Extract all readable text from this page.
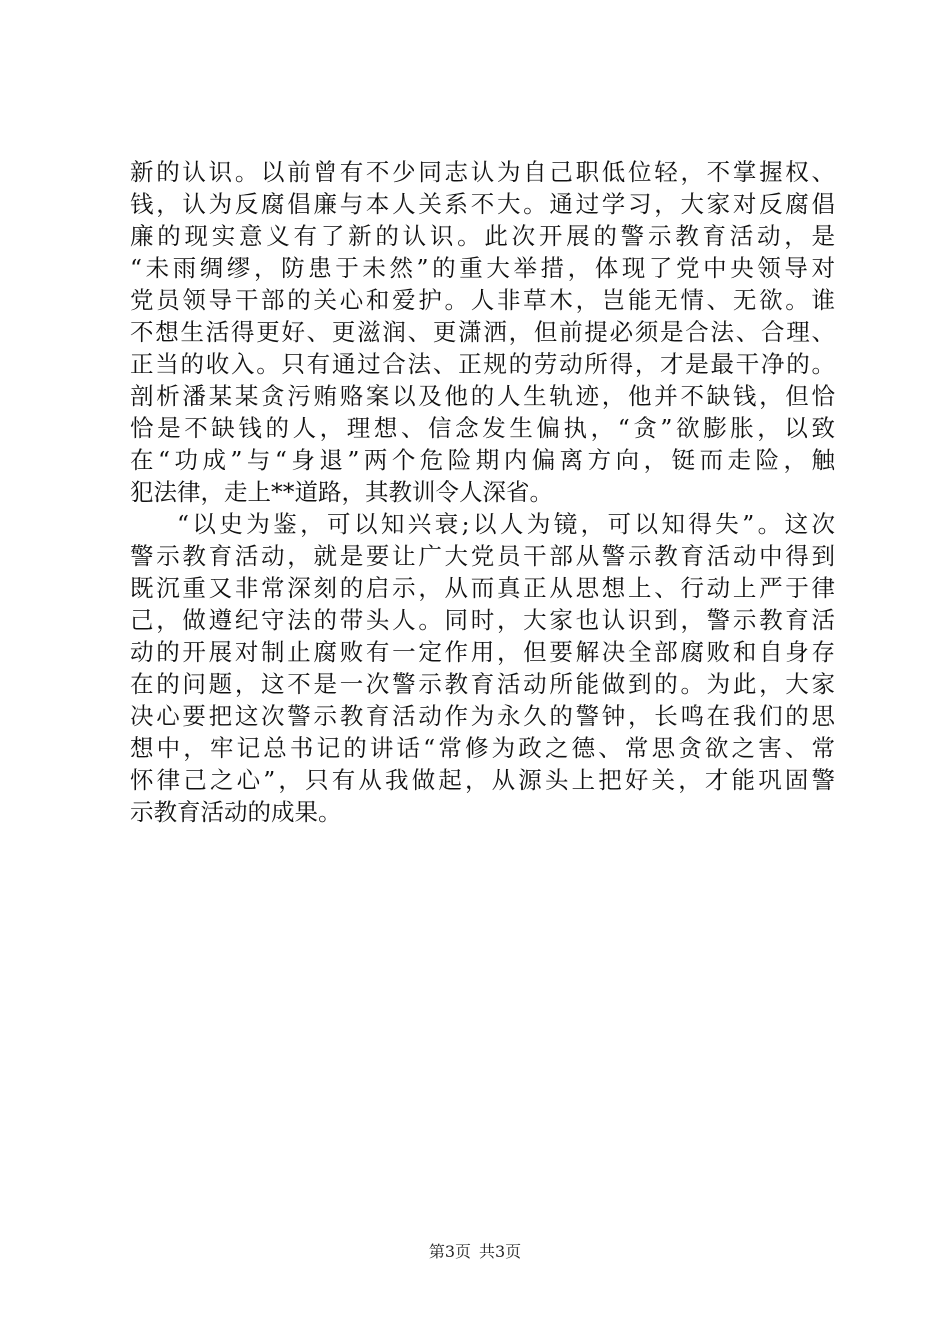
新的认识。以前曾有不少同志认为自己职低位轻，不掌握权、
钱，认为反腐倡廉与本人关系不大。通过学习，大家对反腐倡
廉的现实意义有了新的认识。此次开展的警示教育活动，是
“未雨绸缪，防患于未然”的重大举措，体现了党中央领导对
党员领导干部的关心和爱护。人非草木，岂能无情、无欲。谁
不想生活得更好、更滋润、更潇洒，但前提必须是合法、合理、
正当的收入。只有通过合法、正规的劳动所得，才是最干净的。
剖析潘某某贪污贿赂案以及他的人生轨迹，他并不缺钱，但恰
恰是不缺钱的人，理想、信念发生偏执，“贪”欲膨胀，以致
在“功成”与“身退”两个危险期内偏离方向，铤而走险，触
犯法律，走上**道路，其教训令人深省。
“以史为鉴，可以知兴衰;以人为镜，可以知得失”。这次
警示教育活动，就是要让广大党员干部从警示教育活动中得到
既沉重又非常深刻的启示，从而真正从思想上、行动上严于律
己，做遵纪守法的带头人。同时，大家也认识到，警示教育活
动的开展对制止腐败有一定作用，但要解决全部腐败和自身存
在的问题，这不是一次警示教育活动所能做到的。为此，大家
决心要把这次警示教育活动作为永久的警钟，长鸣在我们的思
想中，牢记总书记的讲话“常修为政之德、常思贪欲之害、常
怀律己之心”，只有从我做起，从源头上把好关，才能巩固警
示教育活动的成果。
第3页 共3页
